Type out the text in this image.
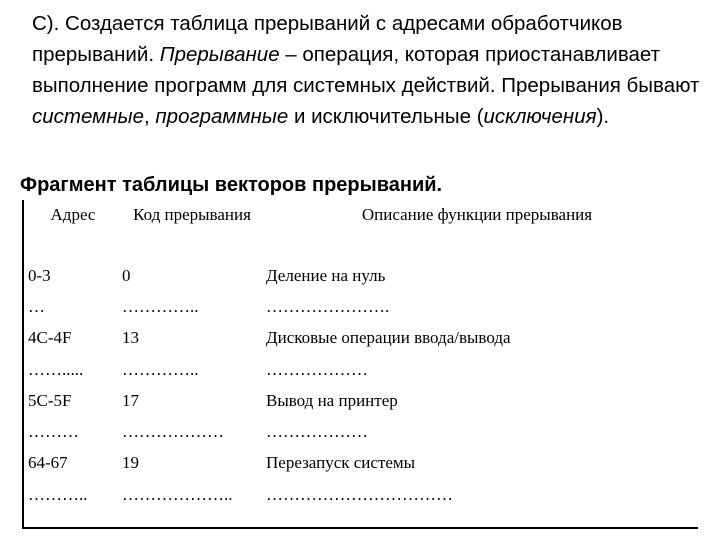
С). Создается таблица прерываний с адресами обработчиков прерываний. Прерывание – операция, которая приостанавливает выполнение программ для системных действий. Прерывания бывают системные, программные и исключительные (исключения).

Фрагмент таблицы векторов прерываний.

Адрес	Код прерывания	Описание функции прерывания
0-3	0	Деление на нуль
…	…………..	………………….
4C-4F	13	Дисковые операции ввода/вывода
…….....	…………..	………………
5C-5F	17	Вывод на принтер
………	………………	………………
64-67	19	Перезапуск системы
………..	………………..	……………………………
